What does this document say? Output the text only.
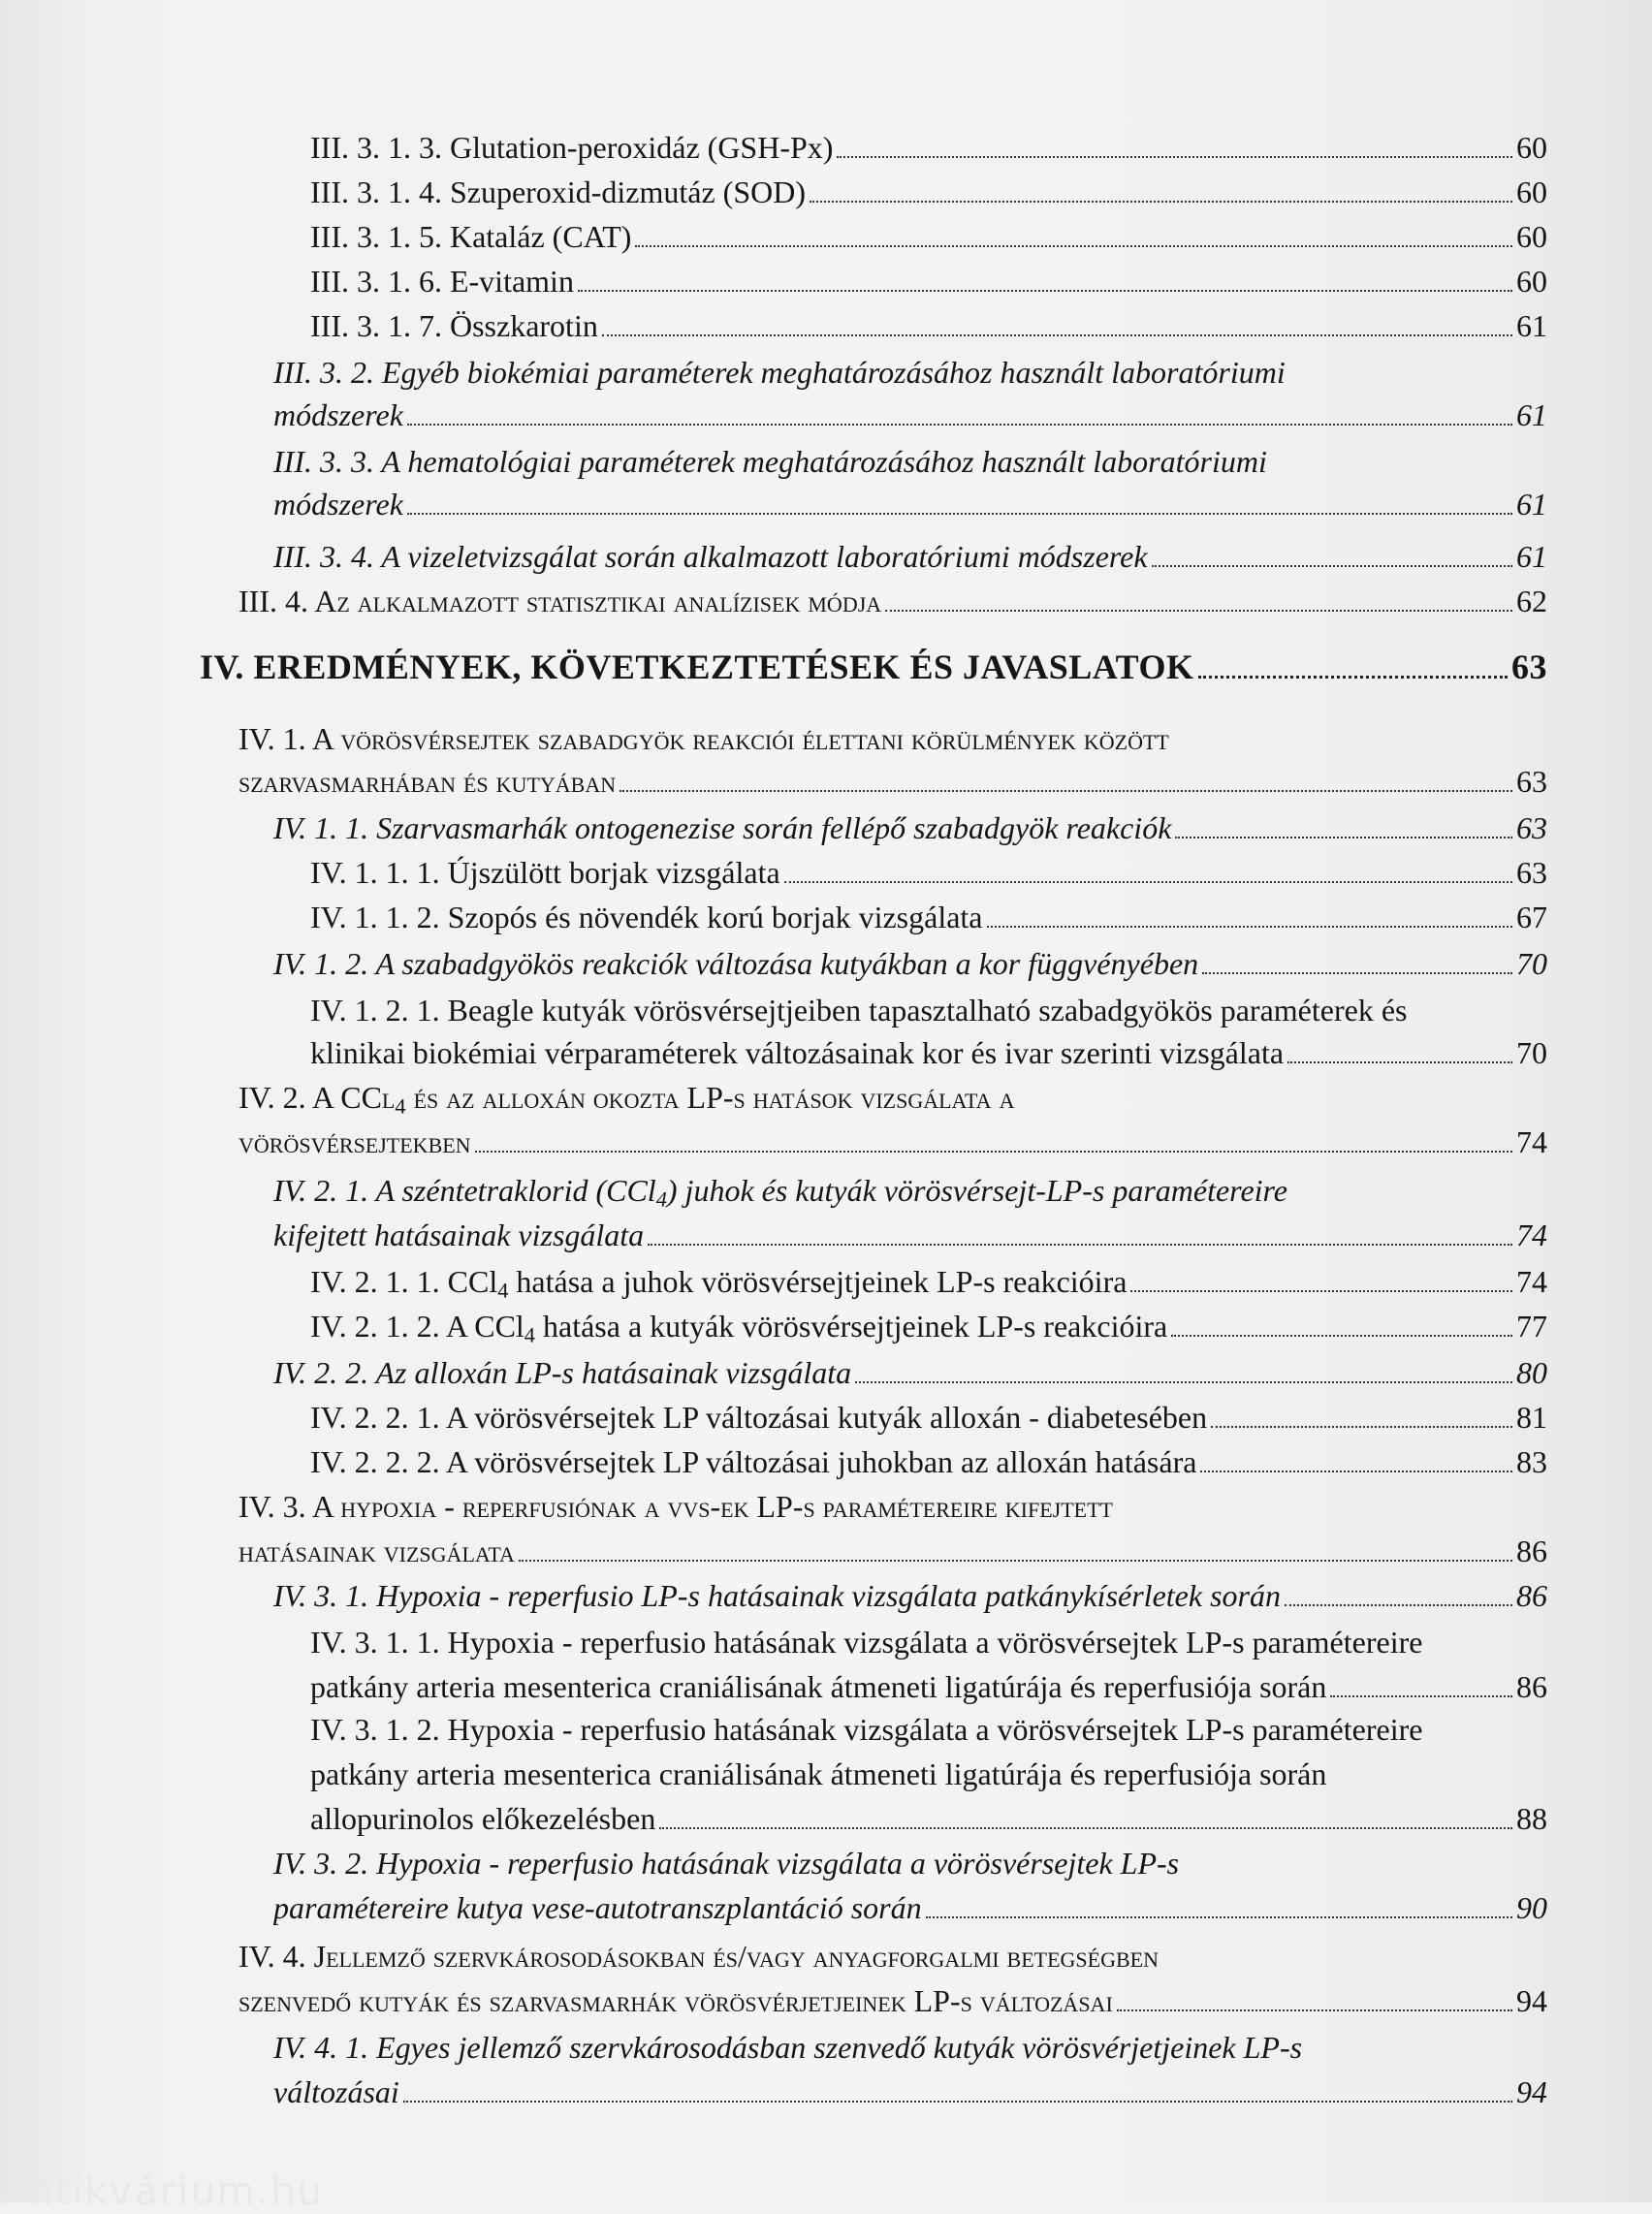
III. 3. 1. 3. Glutation-peroxidáz (GSH-Px)	60
III. 3. 1. 4. Szuperoxid-dizmutáz (SOD)	60
III. 3. 1. 5. Kataláz (CAT)	60
III. 3. 1. 6. E-vitamin	60
III. 3. 1. 7. Összkarotin	61
III. 3. 2. Egyéb biokémiai paraméterek meghatározásához használt laboratóriumi
módszerek	61
III. 3. 3. A hematológiai paraméterek meghatározásához használt laboratóriumi
módszerek	61
III. 3. 4. A vizeletvizsgálat során alkalmazott laboratóriumi módszerek	61
III. 4. Az alkalmazott statisztikai analízisek módja	62
IV. EREDMÉNYEK, KÖVETKEZTETÉSEK ÉS JAVASLATOK	63
IV. 1. A vörösvérsejtek szabadgyök reakciói élettani körülmények között
szarvasmarhában és kutyában	63
IV. 1. 1. Szarvasmarhák ontogenezise során fellépő szabadgyök reakciók	63
IV. 1. 1. 1. Újszülött borjak vizsgálata	63
IV. 1. 1. 2. Szopós és növendék korú borjak vizsgálata	67
IV. 1. 2. A szabadgyökös reakciók változása kutyákban a kor függvényében	70
IV. 1. 2. 1. Beagle kutyák vörösvérsejtjeiben tapasztalható szabadgyökös paraméterek és
klinikai biokémiai vérparaméterek változásainak kor és ivar szerinti vizsgálata	70
IV. 2. A CCl$_4$ és az alloxán okozta LP-s hatások vizsgálata a
vörösvérsejtekben	74
IV. 2. 1. A széntetraklorid (CCl$_4$) juhok és kutyák vörösvérsejt-LP-s paramétereire
kifejtett hatásainak vizsgálata	74
IV. 2. 1. 1. CCl$_4$ hatása a juhok vörösvérsejtjeinek LP-s reakcióira	74
IV. 2. 1. 2. A CCl$_4$ hatása a kutyák vörösvérsejtjeinek LP-s reakcióira	77
IV. 2. 2. Az alloxán LP-s hatásainak vizsgálata	80
IV. 2. 2. 1. A vörösvérsejtek LP változásai kutyák alloxán - diabetesében	81
IV. 2. 2. 2. A vörösvérsejtek LP változásai juhokban az alloxán hatására	83
IV. 3. A hypoxia - reperfusiónak a vvs-ek LP-s paramétereire kifejtett
hatásainak vizsgálata	86
IV. 3. 1. Hypoxia - reperfusio LP-s hatásainak vizsgálata patkánykísérletek során	86
IV. 3. 1. 1. Hypoxia - reperfusio hatásának vizsgálata a vörösvérsejtek LP-s paramétereire
patkány arteria mesenterica craniálisának átmeneti ligatúrája és reperfusiója során	86
IV. 3. 1. 2. Hypoxia - reperfusio hatásának vizsgálata a vörösvérsejtek LP-s paramétereire
patkány arteria mesenterica craniálisának átmeneti ligatúrája és reperfusiója során
allopurinolos előkezelésben	88
IV. 3. 2. Hypoxia - reperfusio hatásának vizsgálata a vörösvérsejtek LP-s
paramétereire kutya vese-autotranszplantáció során	90
IV. 4. Jellemző szervkárosodásokban és/vagy anyagforgalmi betegségben
szenvedő kutyák és szarvasmarhák vörösvérjetjeinek LP-s változásai	94
IV. 4. 1. Egyes jellemző szervkárosodásban szenvedő kutyák vörösvérjetjeinek LP-s
változásai	94
Antikvárium.hu
